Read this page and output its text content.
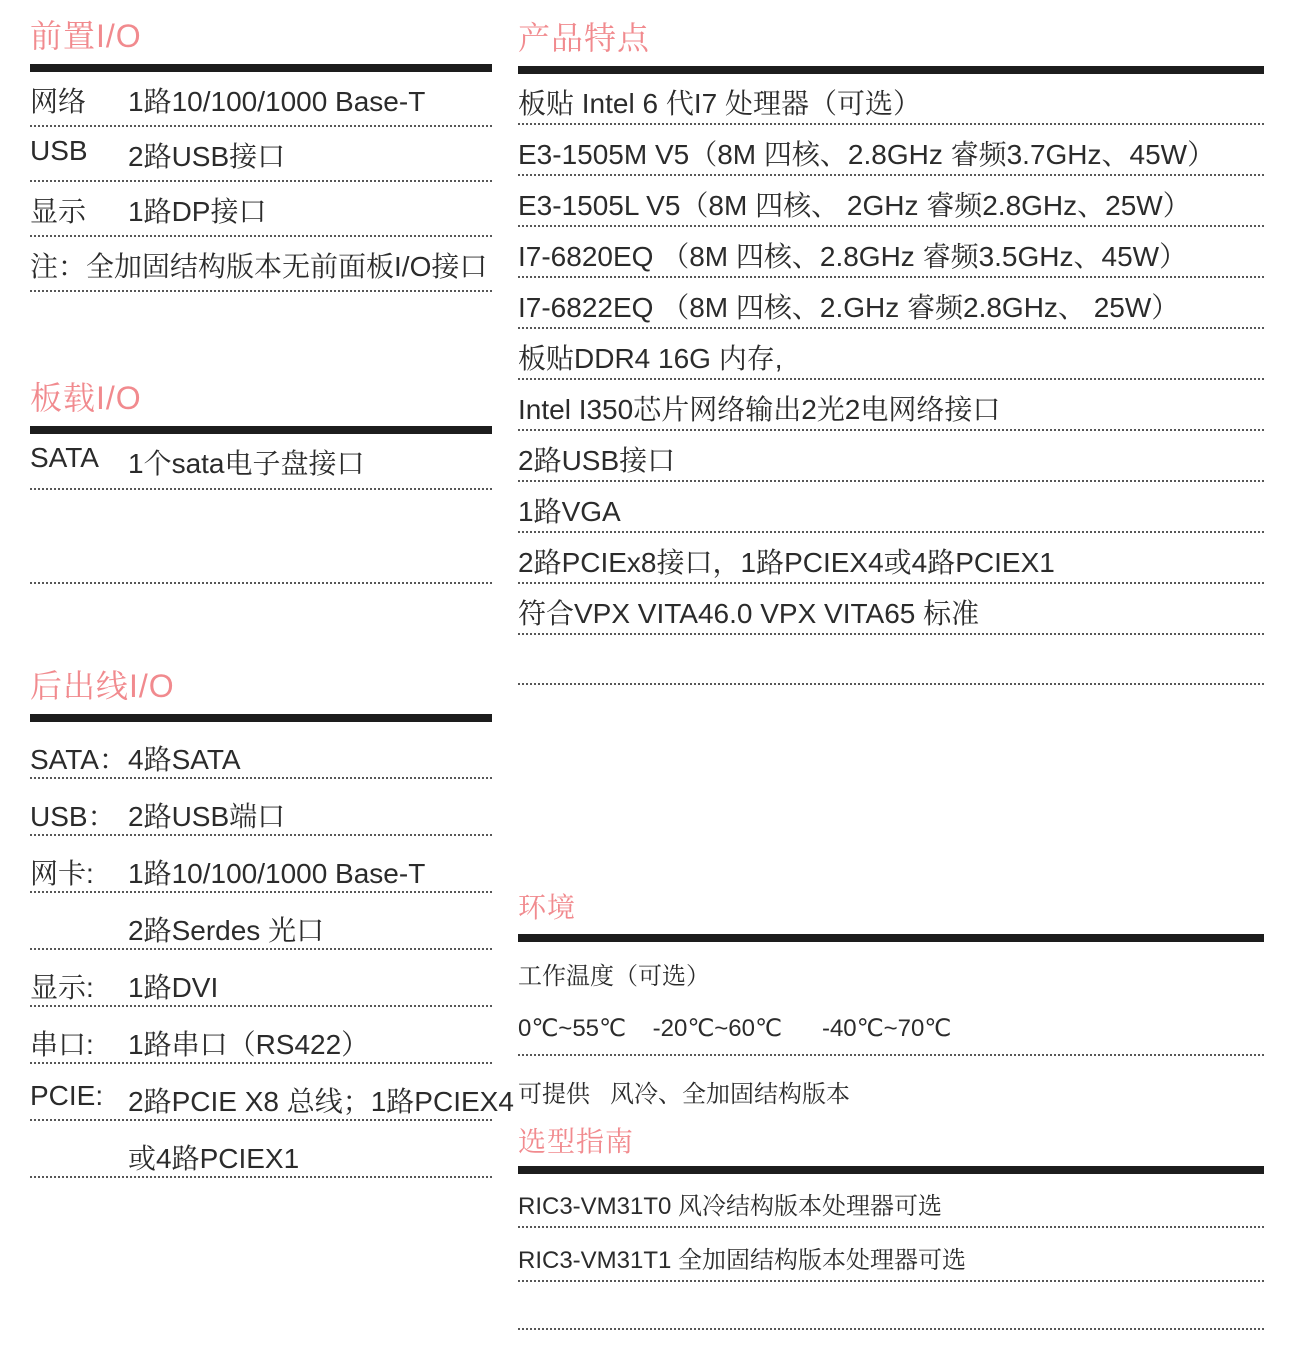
前置I/O
网络	1路10/100/1000 Base-T
USB	2路USB接口
显示	1路DP接口
注： 全加固结构版本无前面板I/O接口
板载I/O
SATA	1个sata电子盘接口
后出线I/O
SATA： 4路SATA
USB： 2路USB端口
网卡:	1路10/100/1000 Base-T
2路Serdes 光口
显示:	1路DVI
串口:	1路串口（RS422）
PCIE: 2路PCIE X8 总线；1路PCIEX4
或4路PCIEX1
产品特点
板贴 Intel 6 代I7 处理器（可选）
E3-1505M V5（8M 四核、2.8GHz 睿频3.7GHz、45W）
E3-1505L V5（8M 四核、 2GHz 睿频2.8GHz、25W）
I7-6820EQ （8M 四核、2.8GHz 睿频3.5GHz、45W）
I7-6822EQ （8M 四核、2.GHz 睿频2.8GHz、 25W）
板贴DDR4 16G 内存,
Intel I350芯片网络输出2光2电网络接口
2路USB接口
1路VGA
2路PCIEx8接口，1路PCIEX4或4路PCIEX1
符合VPX VITA46.0 VPX VITA65 标准
环境
工作温度（可选）
0℃~55℃    -20℃~60℃      -40℃~70℃
可提供   风冷、全加固结构版本
选型指南
RIC3-VM31T0 风冷结构版本 处理器可选
RIC3-VM31T1 全加固结构版本 处理器可选
